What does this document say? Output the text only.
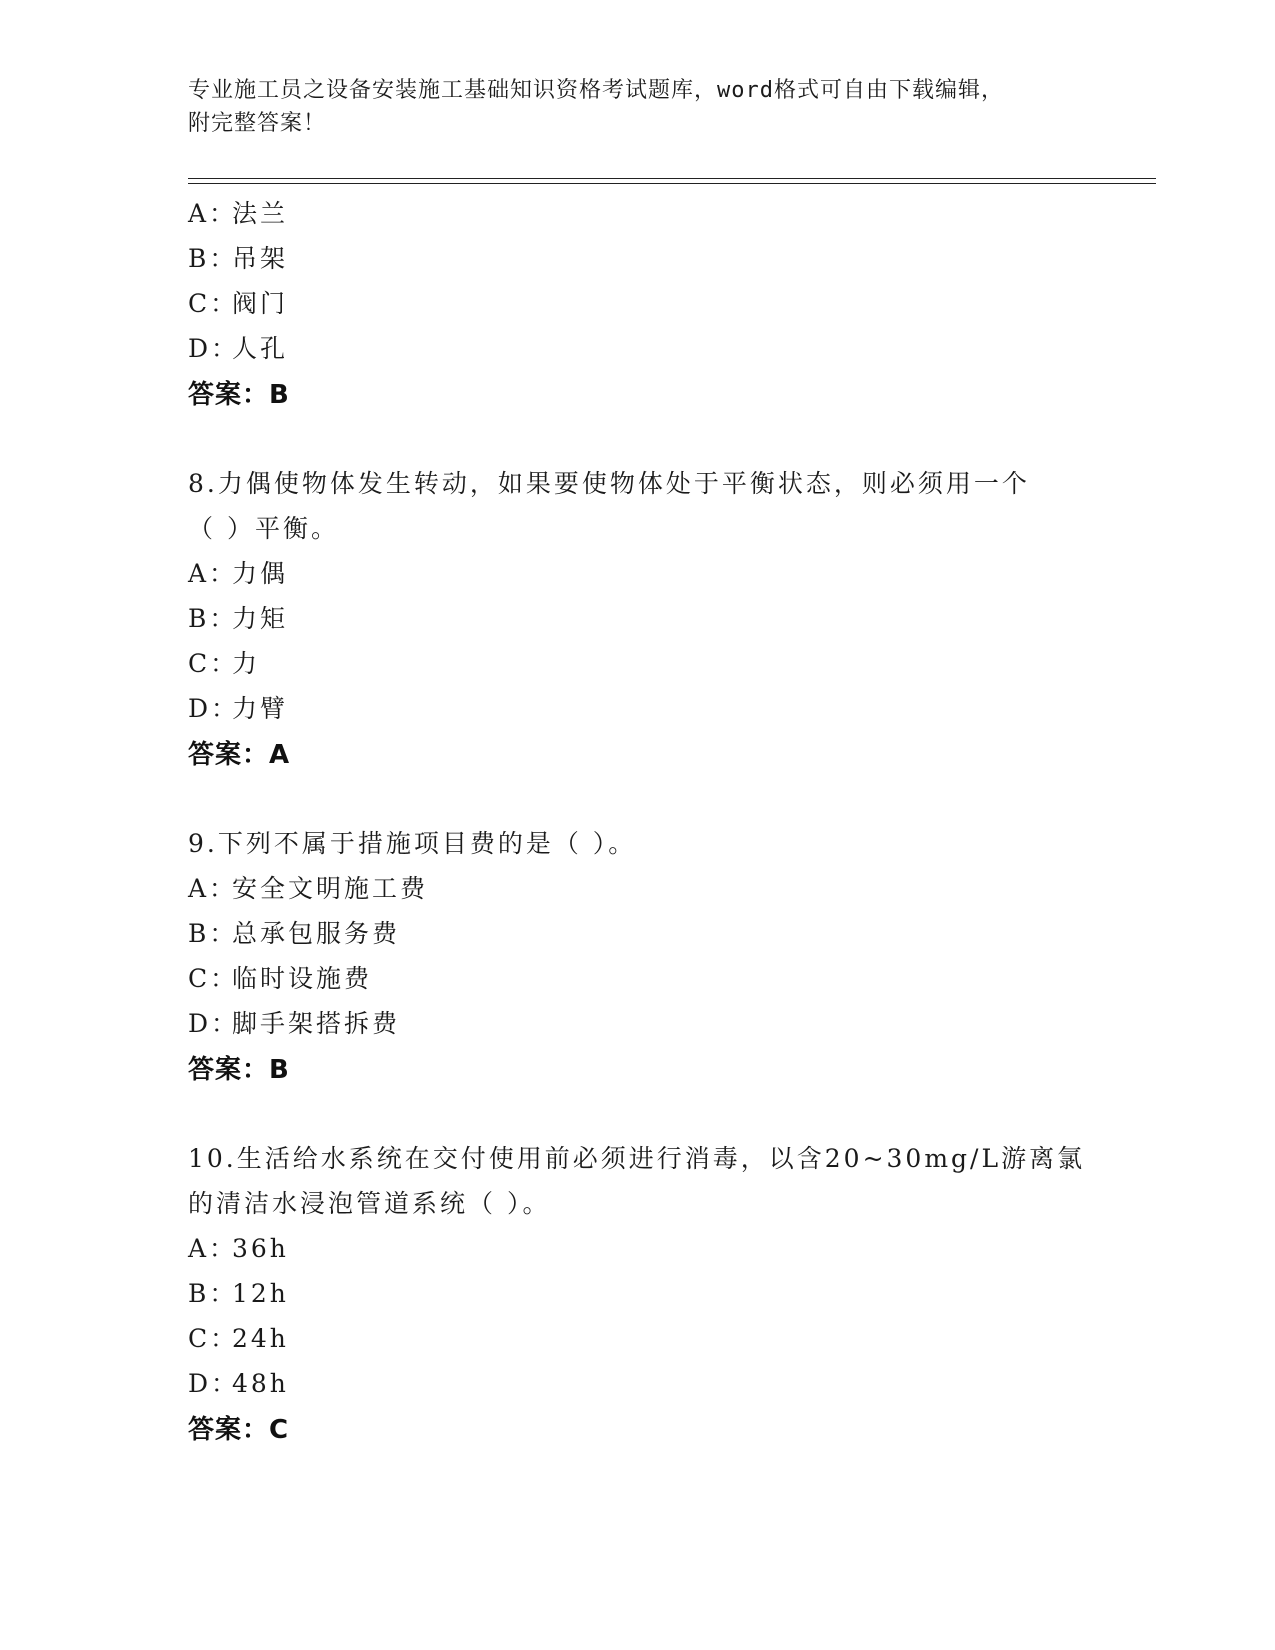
专业施工员之设备安装施工基础知识资格考试题库，word格式可自由下载编辑，
附完整答案！
A：法兰
B：吊架
C：阀门
D：人孔
答案：B
8.力偶使物体发生转动，如果要使物体处于平衡状态，则必须用一个
（ ）平衡。
A：力偶
B：力矩
C：力
D：力臂
答案：A
9.下列不属于措施项目费的是（ ）。
A：安全文明施工费
B：总承包服务费
C：临时设施费
D：脚手架搭拆费
答案：B
10.生活给水系统在交付使用前必须进行消毒，以含20~30mg/L游离氯
的清洁水浸泡管道系统（ ）。
A：36h
B：12h
C：24h
D：48h
答案：C
